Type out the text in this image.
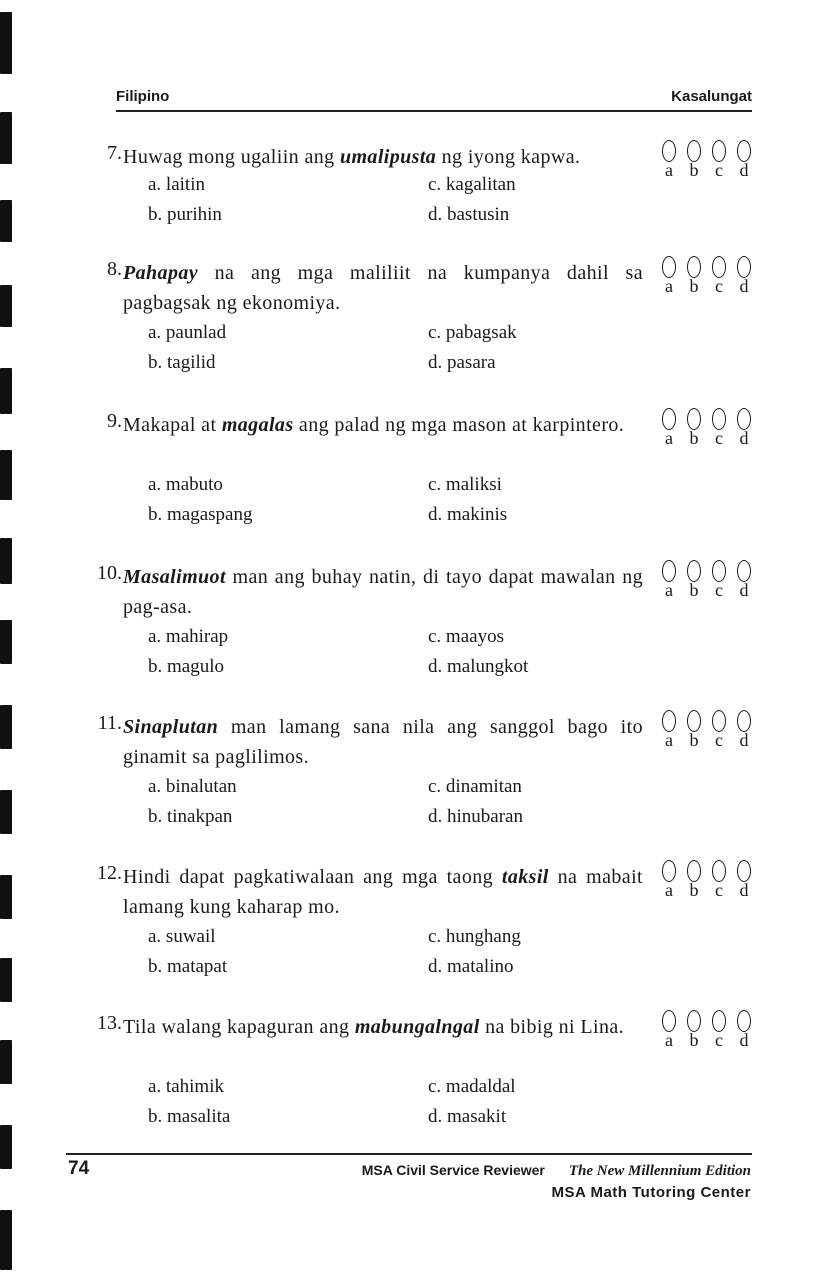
Filipino	Kasalungat
7. Huwag mong ugaliin ang umalipusta ng iyong kapwa.
a. laitin
b. purihin
c. kagalitan
d. bastusin
a b c d
8. Pahapay na ang mga maliliit na kumpanya dahil sa pagbagsak ng ekonomiya.
a. paunlad
b. tagilid
c. pabagsak
d. pasara
a b c d
9. Makapal at magalas ang palad ng mga mason at karpintero.
a. mabuto
b. magaspang
c. maliksi
d. makinis
a b c d
10. Masalimuot man ang buhay natin, di tayo dapat mawalan ng pag-asa.
a. mahirap
b. magulo
c. maayos
d. malungkot
a b c d
11. Sinaplutan man lamang sana nila ang sanggol bago ito ginamit sa paglilimos.
a. binalutan
b. tinakpan
c. dinamitan
d. hinubaran
a b c d
12. Hindi dapat pagkatiwalaan ang mga taong taksil na mabait lamang kung kaharap mo.
a. suwail
b. matapat
c. hunghang
d. matalino
a b c d
13. Tila walang kapaguran ang mabungalngal na bibig ni Lina.
a. tahimik
b. masalita
c. madaldal
d. masakit
a b c d
74	MSA Civil Service Reviewer The New Millennium Edition
MSA Math Tutoring Center
